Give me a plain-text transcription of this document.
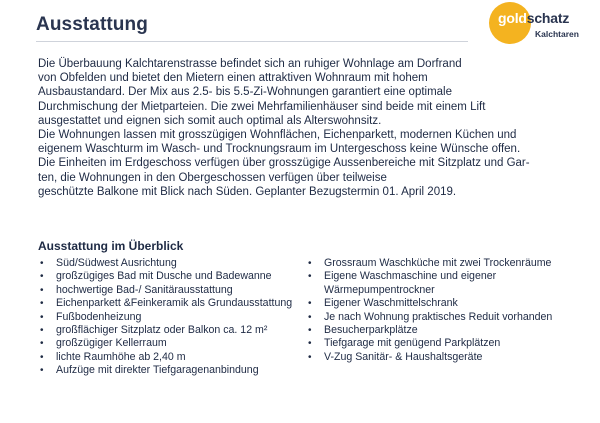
Ausstattung	goldschatz
Kalchtaren
Die Überbauung Kalchtarenstrasse befindet sich an ruhiger Wohnlage am Dorfrand
von Obfelden und bietet den Mietern einen attraktiven Wohnraum mit hohem
Ausbaustandard. Der Mix aus 2.5- bis 5.5-Zi-Wohnungen garantiert eine optimale
Durchmischung der Mietparteien. Die zwei Mehrfamilienhäuser sind beide mit einem Lift
ausgestattet und eignen sich somit auch optimal als Alterswohnsitz.
Die Wohnungen lassen mit grosszügigen Wohnflächen, Eichenparkett, modernen Küchen und
eigenem Waschturm im Wasch- und Trocknungsraum im Untergeschoss keine Wünsche offen.
Die Einheiten im Erdgeschoss verfügen über grosszügige Aussenbereiche mit Sitzplatz und Gar-
ten, die Wohnungen in den Obergeschossen verfügen über teilweise
geschützte Balkone mit Blick nach Süden. Geplanter Bezugstermin 01. April 2019.
Ausstattung im Überblick
• Süd/Südwest Ausrichtung
• großzügiges Bad mit Dusche und Badewanne
• hochwertige Bad-/ Sanitärausstattung
• Eichenparkett &Feinkeramik als Grundausstattung
• Fußbodenheizung
• großflächiger Sitzplatz oder Balkon ca. 12 m²
• großzügiger Kellerraum
• lichte Raumhöhe ab 2,40 m
• Aufzüge mit direkter Tiefgaragenanbindung
• Grossraum Waschküche mit zwei Trockenräume
• Eigene Waschmaschine und eigener
Wärmepumpentrockner
• Eigener Waschmittelschrank
• Je nach Wohnung praktisches Reduit vorhanden
• Besucherparkplätze
• Tiefgarage mit genügend Parkplätzen
• V-Zug Sanitär- & Haushaltsgeräte
